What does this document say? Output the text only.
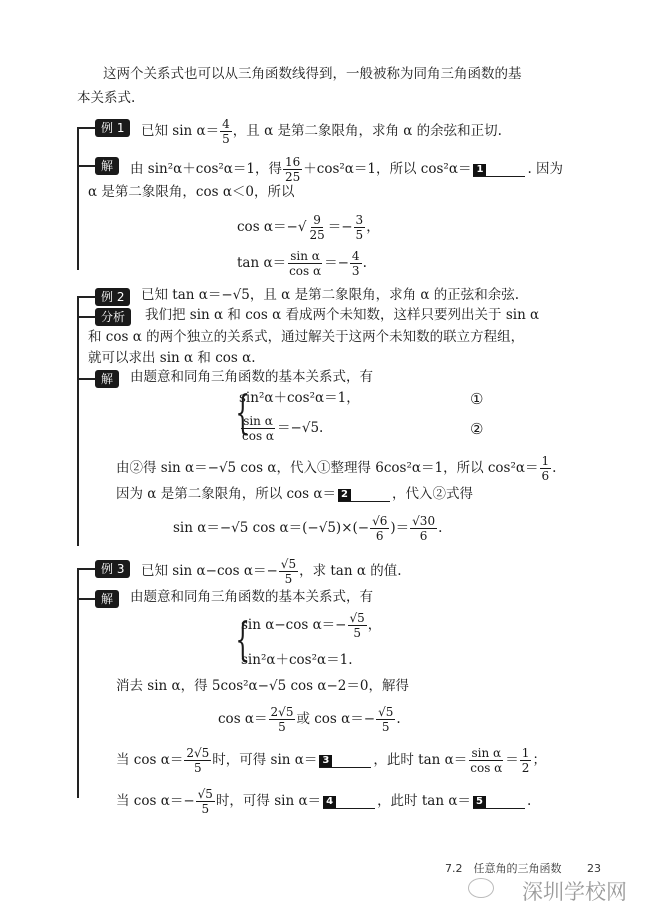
这两个关系式也可以从三角函数线得到，一般被称为同角三角函数的基
本关系式.
例 1	已知 $\sin \alpha= \frac{4}{5}$ ，且 α 是第二象限角，求角 α 的余弦和正切.
解	由 sin²α＋cos²α＝1，得 $\frac{16}{25} +\cos^2\alpha=1$，所以 cos²α＝ 1	. 因为
α 是第二象限角，cos α＜0，所以
$\cos \alpha=-√ \frac{9}{25} =- \frac{3}{5}$ ，
$\tan \alpha= \frac{\text{sin α}}{\text{cos α}} =- \frac{4}{3}$ .
例 2	已知 tan α＝−√5，且 α 是第二象限角，求角 α 的正弦和余弦.
分析	我们把 sin α 和 cos α 看成两个未知数，这样只要列出关于 sin α
和 cos α 的两个独立的关系式，通过解关于这两个未知数的联立方程组，
就可以求出 sin α 和 cos α.
解	由题意和同角三角函数的基本关系式，有
{
sin²α＋cos²α＝1，
$\frac{\text{sin α}}{\text{cos α}} =-√5$.
①
②
由②得 sin α＝−√5 cos α，代入①整理得 6cos²α＝1，所以 $\cos^2\alpha= \frac{1}{6}$ .
因为 α 是第二象限角，所以 cos α＝ 2	，代入②式得
sin α＝−√5 $\cos \alpha=(-√5)\times(- \frac{√6}{6}$ )＝ $\frac{√30}{6}$ .
例 3	已知 sin α−cos $\alpha=- \frac{√5}{5}$ ，求 tan α 的值.
解	由题意和同角三角函数的基本关系式，有
{
sin α−cos $\alpha=- \frac{√5}{5}$ ，
sin²α＋cos²α＝1.
消去 sin α，得 5cos²α−√5 cos α−2＝0，解得
$\cos \alpha= \frac{2√5}{5}$ 或 $\cos \alpha=- \frac{√5}{5}$ .
当 $\cos \alpha= \frac{2√5}{5}$ 时，可得 sin α＝ 3	，此时 $\tan \alpha= \frac{\text{sin α}}{\text{cos α}} = \frac{1}{2}$ ；
当 $\cos \alpha=- \frac{√5}{5}$ 时，可得 sin α＝ 4	，此时 tan α＝ 5	.
7.2　任意角的三角函数 23
深圳学校网
